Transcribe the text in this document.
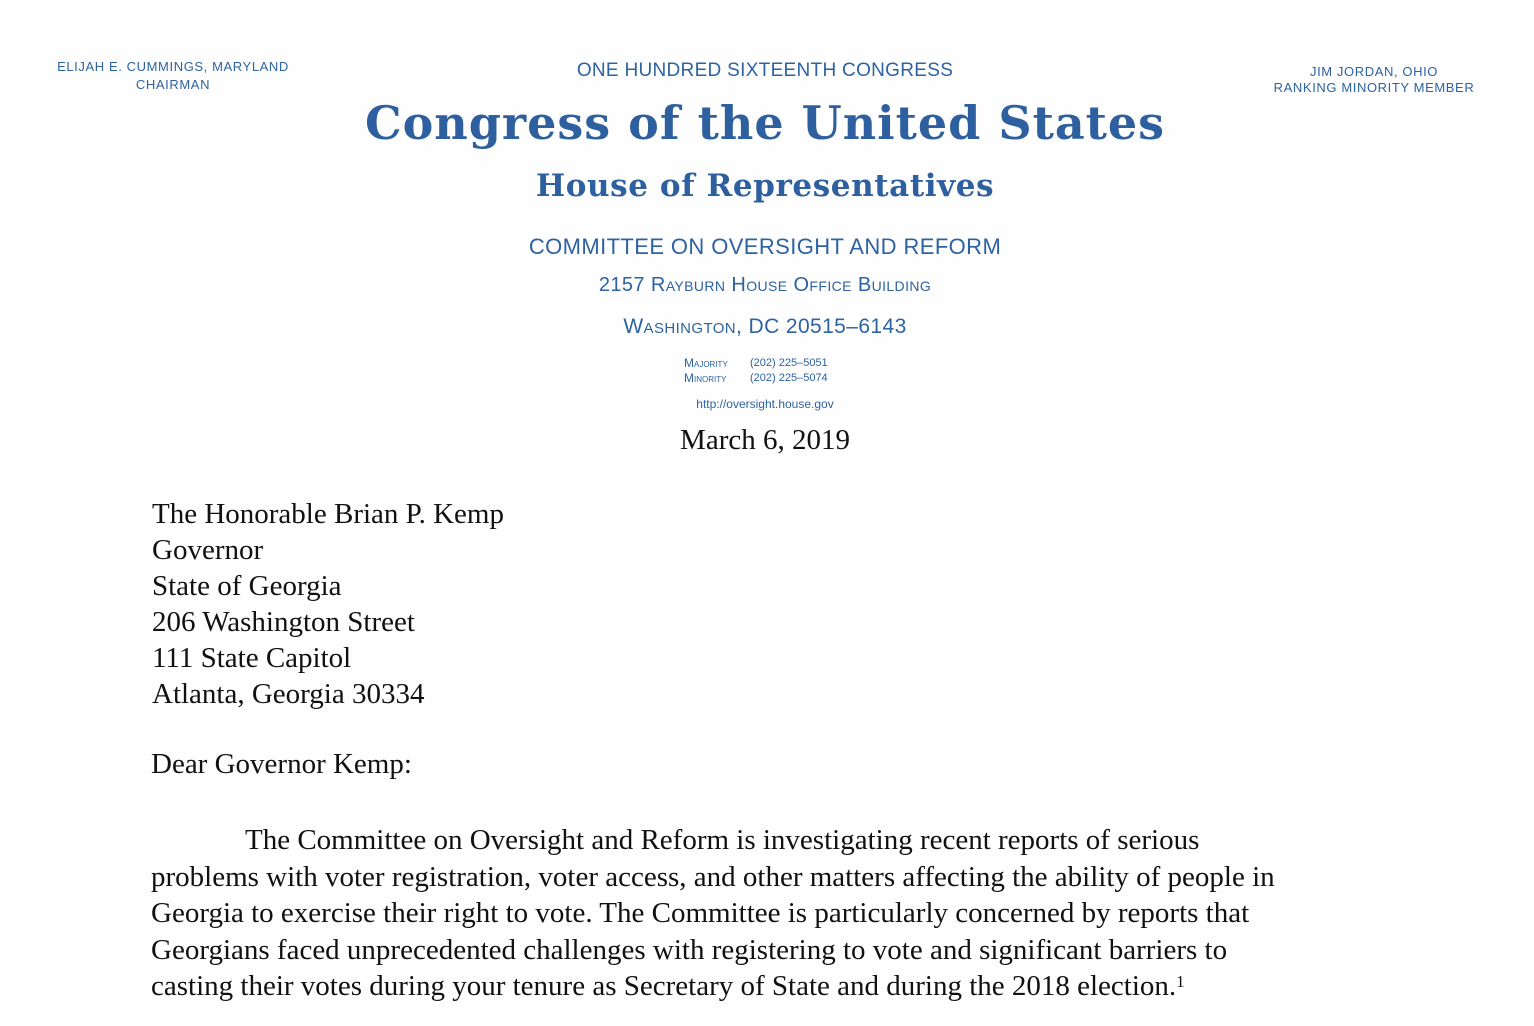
ELIJAH E. CUMMINGS, MARYLAND
CHAIRMAN
JIM JORDAN, OHIO
RANKING MINORITY MEMBER
ONE HUNDRED SIXTEENTH CONGRESS
Congress of the United States
House of Representatives
COMMITTEE ON OVERSIGHT AND REFORM
2157 Rayburn House Office Building
Washington, DC 20515–6143
Majority	(202) 225–5051
Minority	(202) 225–5074
http://oversight.house.gov
March 6, 2019
The Honorable Brian P. Kemp
Governor
State of Georgia
206 Washington Street
111 State Capitol
Atlanta, Georgia 30334
Dear Governor Kemp:
The Committee on Oversight and Reform is investigating recent reports of serious
problems with voter registration, voter access, and other matters affecting the ability of people in
Georgia to exercise their right to vote. The Committee is particularly concerned by reports that
Georgians faced unprecedented challenges with registering to vote and significant barriers to
casting their votes during your tenure as Secretary of State and during the 2018 election.$^1$
